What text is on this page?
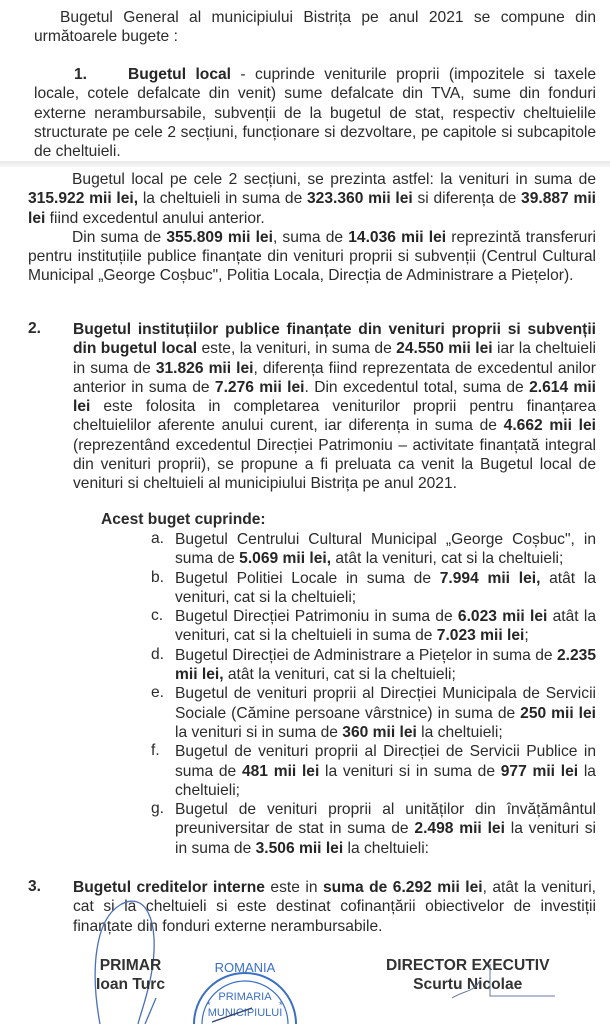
Bugetul General al municipiului Bistrița pe anul 2021 se compune din următoarele bugete :

1.	Bugetul local - cuprinde veniturile proprii (impozitele si taxele locale, cotele defalcate din venit) sume defalcate din TVA, sume din fonduri externe nerambursabile, subvenții de la bugetul de stat, respectiv cheltuielile structurate pe cele 2 secțiuni, funcționare si dezvoltare, pe capitole si subcapitole de cheltuieli.

Bugetul local pe cele 2 secțiuni, se prezinta astfel: la venituri in suma de 315.922 mii lei, la cheltuieli in suma de 323.360 mii lei si diferența de 39.887 mii lei fiind excedentul anului anterior.

Din suma de 355.809 mii lei, suma de 14.036 mii lei reprezintă transferuri pentru instituțiile publice finanțate din venituri proprii si subvenții (Centrul Cultural Municipal „George Coșbuc", Politia Locala, Direcția de Administrare a Piețelor).

2. Bugetul instituțiilor publice finanțate din venituri proprii si subvenții din bugetul local este, la venituri, in suma de 24.550 mii lei iar la cheltuieli in suma de 31.826 mii lei, diferența fiind reprezentata de excedentul anilor anterior in suma de 7.276 mii lei. Din excedentul total, suma de 2.614 mii lei este folosita in completarea veniturilor proprii pentru finanțarea cheltuielilor aferente anului curent, iar diferența in suma de 4.662 mii lei (reprezentând excedentul Direcției Patrimoniu – activitate finanțată integral din venituri proprii), se propune a fi preluata ca venit la Bugetul local de venituri si cheltuieli al municipiului Bistrița pe anul 2021.

Acest buget cuprinde:
a. Bugetul Centrului Cultural Municipal „George Coșbuc", in suma de 5.069 mii lei, atât la venituri, cat si la cheltuieli;

b. Bugetul Politiei Locale in suma de 7.994 mii lei, atât la venituri, cat si la cheltuieli;

c. Bugetul Direcției Patrimoniu in suma de 6.023 mii lei atât la venituri, cat si la cheltuieli in suma de 7.023 mii lei;

d. Bugetul Direcției de Administrare a Piețelor in suma de 2.235 mii lei, atât la venituri, cat si la cheltuieli;

e. Bugetul de venituri proprii al Direcției Municipala de Servicii Sociale (Cămine persoane vârstnice) in suma de 250 mii lei la venituri si in suma de 360 mii lei la cheltuieli;

f. Bugetul de venituri proprii al Direcției de Servicii Publice in suma de 481 mii lei la venituri si in suma de 977 mii lei la cheltuieli;

g. Bugetul de venituri proprii al unităților din învățământul preuniversitar de stat in suma de 2.498 mii lei la venituri si in suma de 3.506 mii lei la cheltuieli:

3. Bugetul creditelor interne este in suma de 6.292 mii lei, atât la venituri, cat si la cheltuieli si este destinat cofinanțării obiectivelor de investiții finanțate din fonduri externe nerambursabile.

ROMANIA
PRIMARIA
MUNICIPIULUI
*	*
PRIMAR
Ioan Turc
DIRECTOR EXECUTIV
Scurtu Nicolae
